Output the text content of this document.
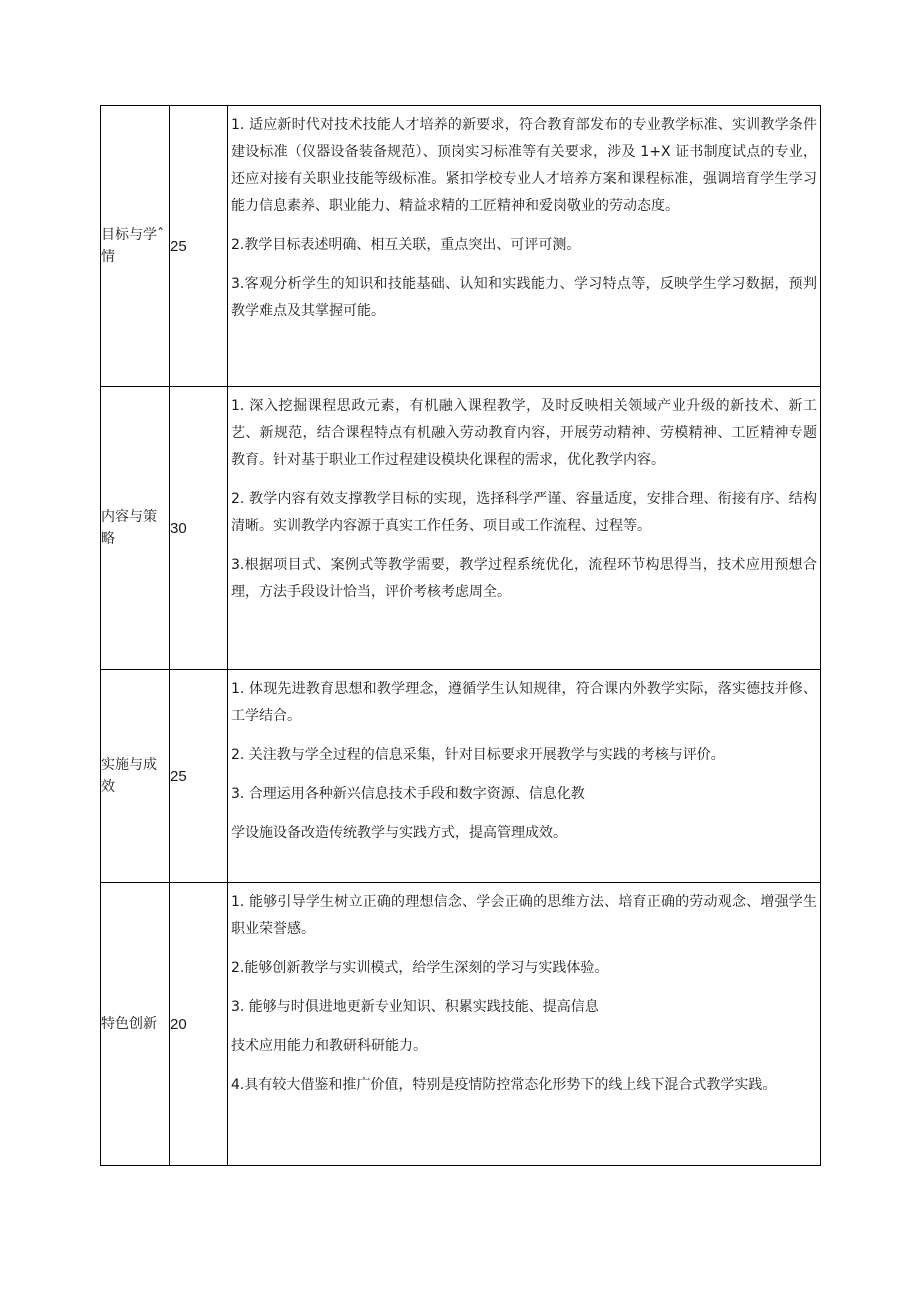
目标与学ˆ情	25	1. 适应新时代对技术技能人才培养的新要求，符合教育部发布的专业教学标准、实训教学条件建设标准（仪器设备装备规范）、顶岗实习标准等有关要求，涉及 1+X 证书制度试点的专业，还应对接有关职业技能等级标准。紧扣学校专业人才培养方案和课程标准，强调培育学生学习能力信息素养、职业能力、精益求精的工匠精神和爱岗敬业的劳动态度。

2.教学目标表述明确、相互关联，重点突出、可评可测。

3.客观分析学生的知识和技能基础、认知和实践能力、学习特点等，反映学生学习数据，预判教学难点及其掌握可能。

内容与策略	30	1. 深入挖掘课程思政元素，有机融入课程教学，及时反映相关领域产业升级的新技术、新工艺、新规范，结合课程特点有机融入劳动教育内容，开展劳动精神、劳模精神、工匠精神专题教育。针对基于职业工作过程建设模块化课程的需求，优化教学内容。

2. 教学内容有效支撑教学目标的实现，选择科学严谨、容量适度，安排合理、衔接有序、结构清晰。实训教学内容源于真实工作任务、项目或工作流程、过程等。

3.根据项目式、案例式等教学需要，教学过程系统优化，流程环节构思得当，技术应用预想合理，方法手段设计恰当，评价考核考虑周全。

实施与成效	25	1. 体现先进教育思想和教学理念，遵循学生认知规律，符合课内外教学实际，落实德技并修、工学结合。

2. 关注教与学全过程的信息采集，针对目标要求开展教学与实践的考核与评价。

3. 合理运用各种新兴信息技术手段和数字资源、信息化教

学设施设备改造传统教学与实践方式，提高管理成效。

特色创新	20	1. 能够引导学生树立正确的理想信念、学会正确的思维方法、培育正确的劳动观念、增强学生职业荣誉感。

2.能够创新教学与实训模式，给学生深刻的学习与实践体验。

3. 能够与时俱进地更新专业知识、积累实践技能、提高信息

技术应用能力和教研科研能力。

4.具有较大借鉴和推广价值，特别是疫情防控常态化形势下的线上线下混合式教学实践。
